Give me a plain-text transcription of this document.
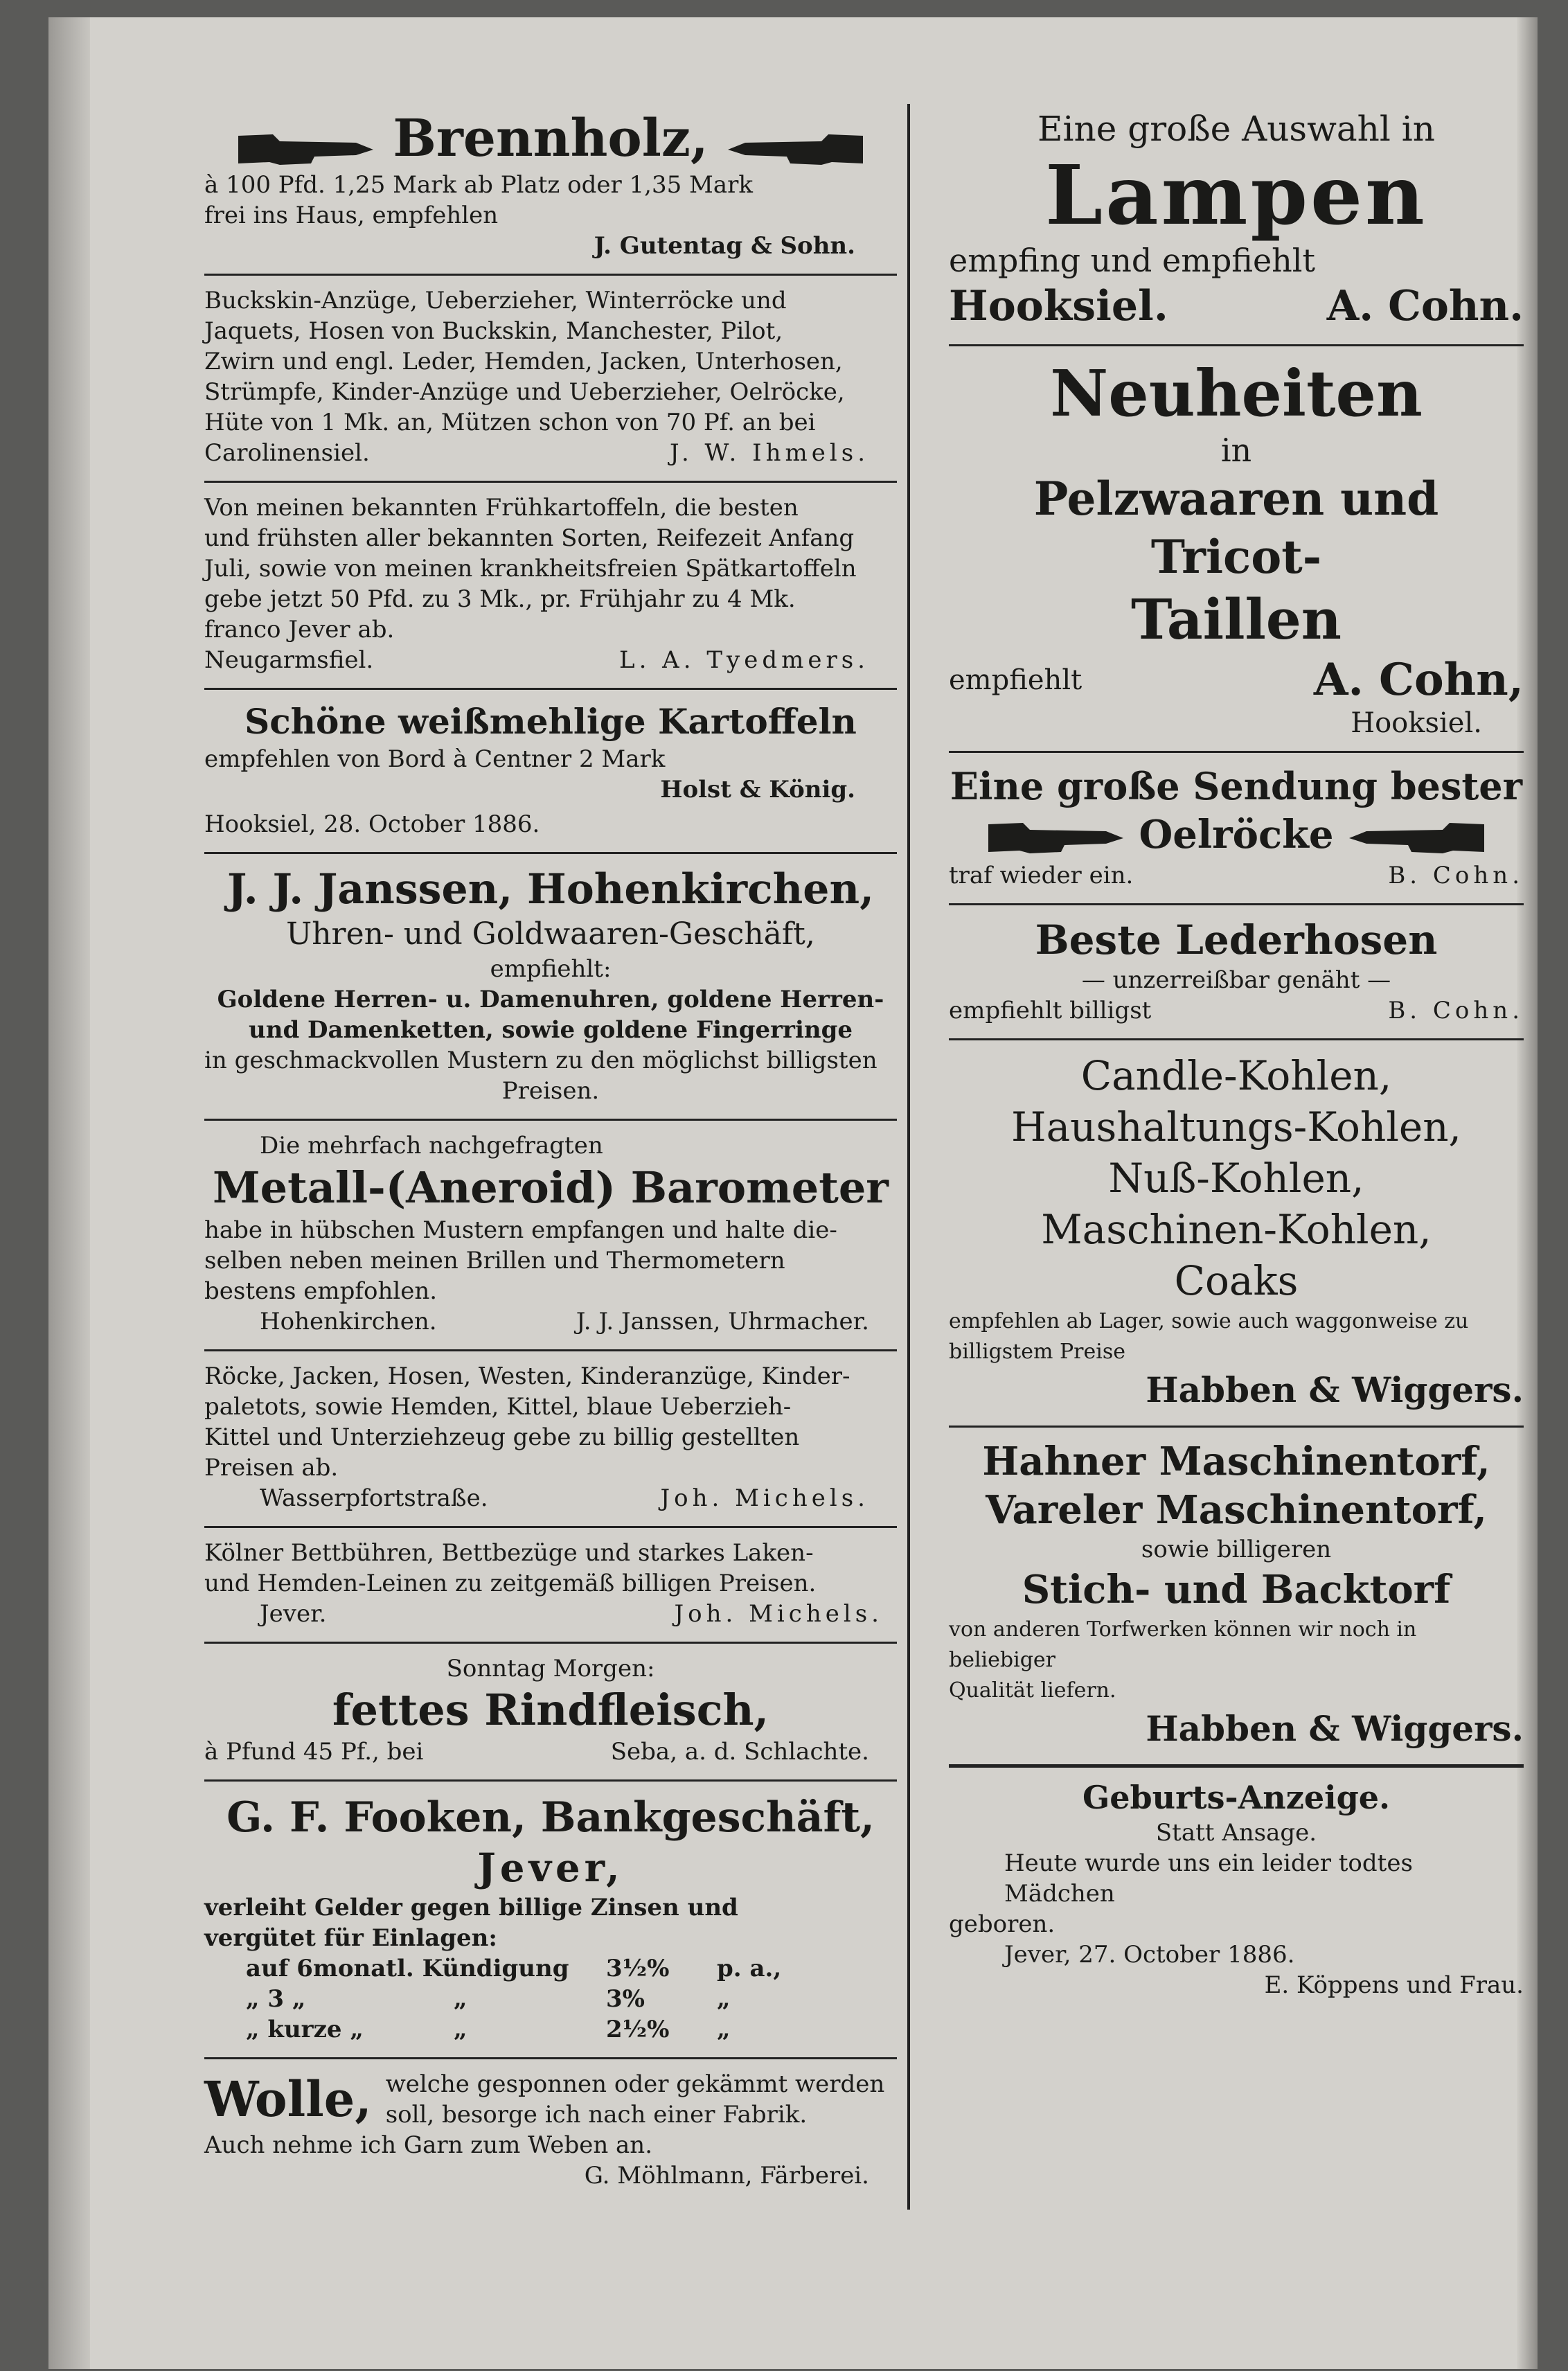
Brennholz,
à 100 Pfd. 1,25 Mark ab Platz oder 1,35 Mark
frei ins Haus, empfehlen
J. Gutentag & Sohn.
Buckskin-Anzüge, Ueberzieher, Winterröcke und
Jaquets, Hosen von Buckskin, Manchester, Pilot,
Zwirn und engl. Leder, Hemden, Jacken, Unterhosen,
Strümpfe, Kinder-Anzüge und Ueberzieher, Oelröcke,
Hüte von 1 Mk. an, Mützen schon von 70 Pf. an bei
Carolinensiel.	J. W. Ihmels.
Von meinen bekannten Frühkartoffeln, die besten
und frühsten aller bekannten Sorten, Reifezeit Anfang
Juli, sowie von meinen krankheitsfreien Spätkartoffeln
gebe jetzt 50 Pfd. zu 3 Mk., pr. Frühjahr zu 4 Mk.
franco Jever ab.
Neugarmsfiel.	L. A. Tyedmers.
Schöne weißmehlige Kartoffeln
empfehlen von Bord à Centner 2 Mark
Holst & König.
Hooksiel, 28. October 1886.
J. J. Janssen, Hohenkirchen,
Uhren- und Goldwaaren-Geschäft,
empfiehlt:
Goldene Herren- u. Damenuhren, goldene Herren-
und Damenketten, sowie goldene Fingerringe
in geschmackvollen Mustern zu den möglichst billigsten
Preisen.
Die mehrfach nachgefragten
Metall-(Aneroid) Barometer
habe in hübschen Mustern empfangen und halte die-
selben neben meinen Brillen und Thermometern
bestens empfohlen.
Hohenkirchen.	J. J. Janssen, Uhrmacher.
Röcke, Jacken, Hosen, Westen, Kinderanzüge, Kinder-
paletots, sowie Hemden, Kittel, blaue Ueberzieh-
Kittel und Unterziehzeug gebe zu billig gestellten
Preisen ab.
Wasserpfortstraße.	Joh. Michels.
Kölner Bettbühren, Bettbezüge und starkes Laken-
und Hemden-Leinen zu zeitgemäß billigen Preisen.
Jever.	Joh. Michels.
Sonntag Morgen:
fettes Rindfleisch,
à Pfund 45 Pf., bei	Seba, a. d. Schlachte.
G. F. Fooken, Bankgeschäft,
Jever,
verleiht Gelder gegen billige Zinsen und
vergütet für Einlagen:
auf 6monatl. Kündigung	3½%	p. a.,
„ 3 „	„	3%	„
„ kurze „	„	2½%	„
Wolle, welche gesponnen oder gekämmt werden
soll, besorge ich nach einer Fabrik.
Auch nehme ich Garn zum Weben an.
G. Möhlmann, Färberei.
Eine große Auswahl in
Lampen
empfing und empfiehlt
Hooksiel.	A. Cohn.
Neuheiten
in
Pelzwaaren und Tricot-
Taillen
empfiehlt	A. Cohn,
Hooksiel.
Eine große Sendung bester
Oelröcke
traf wieder ein.	B. Cohn.
Beste Lederhosen
— unzerreißbar genäht —
empfiehlt billigst	B. Cohn.
Candle-Kohlen,
Haushaltungs-Kohlen,
Nuß-Kohlen,
Maschinen-Kohlen,
Coaks
empfehlen ab Lager, sowie auch waggonweise zu
billigstem Preise
Habben & Wiggers.
Hahner Maschinentorf,
Vareler Maschinentorf,
sowie billigeren
Stich- und Backtorf
von anderen Torfwerken können wir noch in beliebiger
Qualität liefern.
Habben & Wiggers.
Geburts-Anzeige.
Statt Ansage.
Heute wurde uns ein leider todtes Mädchen
geboren.
Jever, 27. October 1886.
E. Köppens und Frau.
